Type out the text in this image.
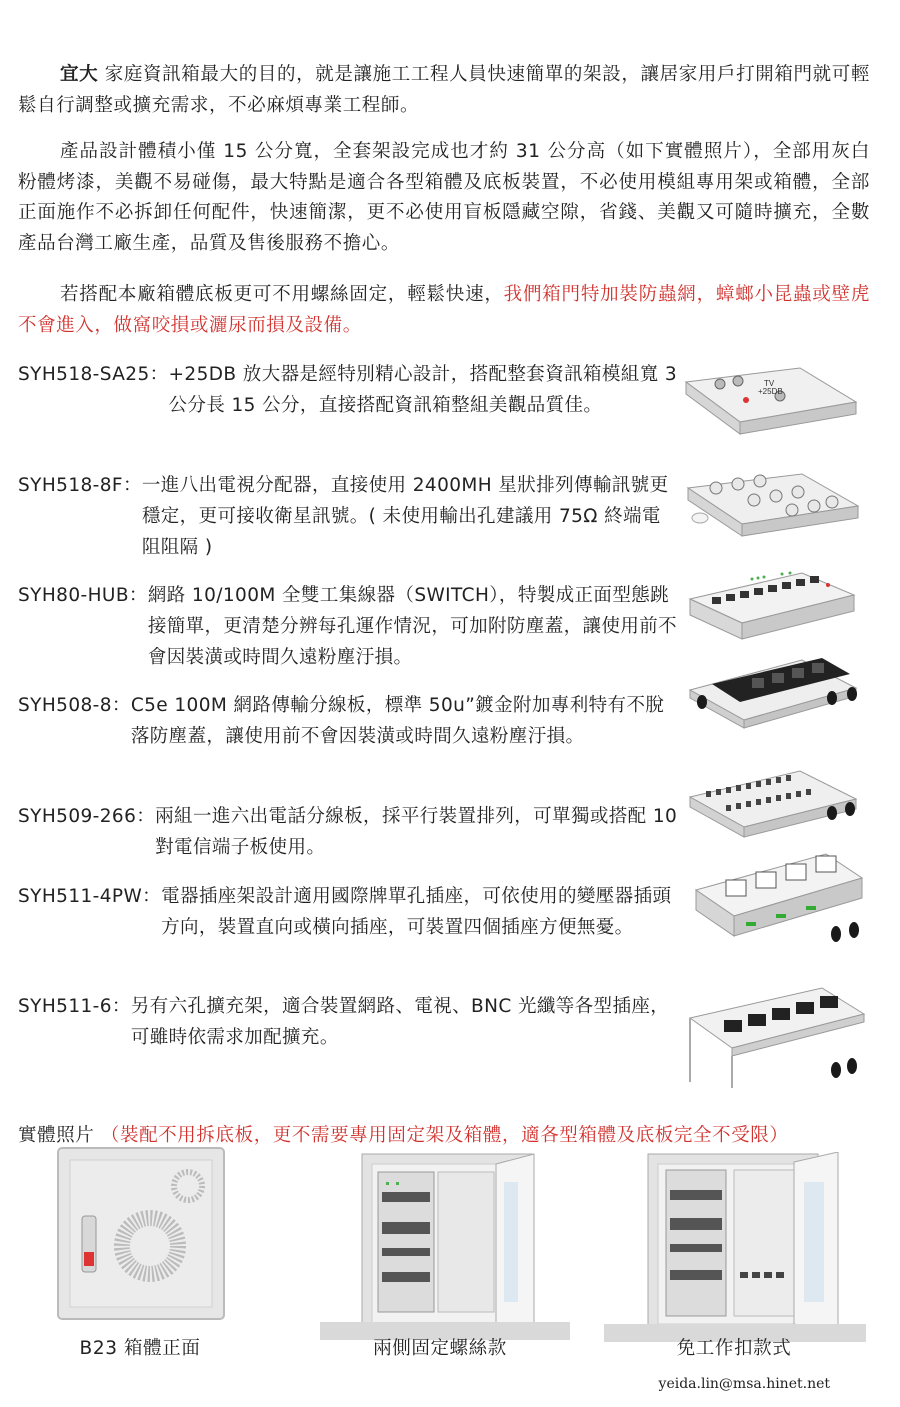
宜大 家庭資訊箱最大的目的，就是讓施工工程人員快速簡單的架設，讓居家用戶打開箱門就可輕鬆自行調整或擴充需求，不必麻煩專業工程師。

產品設計體積小僅 15 公分寬，全套架設完成也才約 31 公分高（如下實體照片），全部用灰白粉體烤漆，美觀不易碰傷，最大特點是適合各型箱體及底板裝置，不必使用模組專用架或箱體，全部正面施作不必拆卸任何配件，快速簡潔，更不必使用盲板隱藏空隙，省錢、美觀又可隨時擴充，全數產品台灣工廠生產，品質及售後服務不擔心。

若搭配本廠箱體底板更可不用螺絲固定，輕鬆快速，我們箱門特加裝防蟲網，蟑螂小昆蟲或壁虎不會進入，做窩咬損或灑尿而損及設備。

SYH518-SA25： +25DB 放大器是經特別精心設計，搭配整套資訊箱模組寬 3 公分長 15 公分，直接搭配資訊箱整組美觀品質佳。
SYH518-8F： 一進八出電視分配器，直接使用 2400MH 星狀排列傳輸訊號更穩定，更可接收衛星訊號。( 未使用輸出孔建議用 75Ω 終端電阻阻隔 )
SYH80-HUB： 網路 10/100M 全雙工集線器（SWITCH），特製成正面型態跳接簡單，更清楚分辨每孔運作情況，可加附防塵蓋，讓使用前不會因裝潢或時間久遠粉塵汙損。
SYH508-8： C5e 100M 網路傳輸分線板，標準 50u”鍍金附加專利特有不脫落防塵蓋，讓使用前不會因裝潢或時間久遠粉塵汙損。
SYH509-266： 兩組一進六出電話分線板，採平行裝置排列，可單獨或搭配 10 對電信端子板使用。
SYH511-4PW： 電器插座架設計適用國際牌單孔插座，可依使用的變壓器插頭方向，裝置直向或橫向插座，可裝置四個插座方便無憂。
SYH511-6： 另有六孔擴充架，適合裝置網路、電視、BNC 光纖等各型插座，可雖時依需求加配擴充。
TV
+25DB
實體照片 （裝配不用拆底板，更不需要專用固定架及箱體，適各型箱體及底板完全不受限）
B23 箱體正面	兩側固定螺絲款	免工作扣款式
yeida.lin@msa.hinet.net
